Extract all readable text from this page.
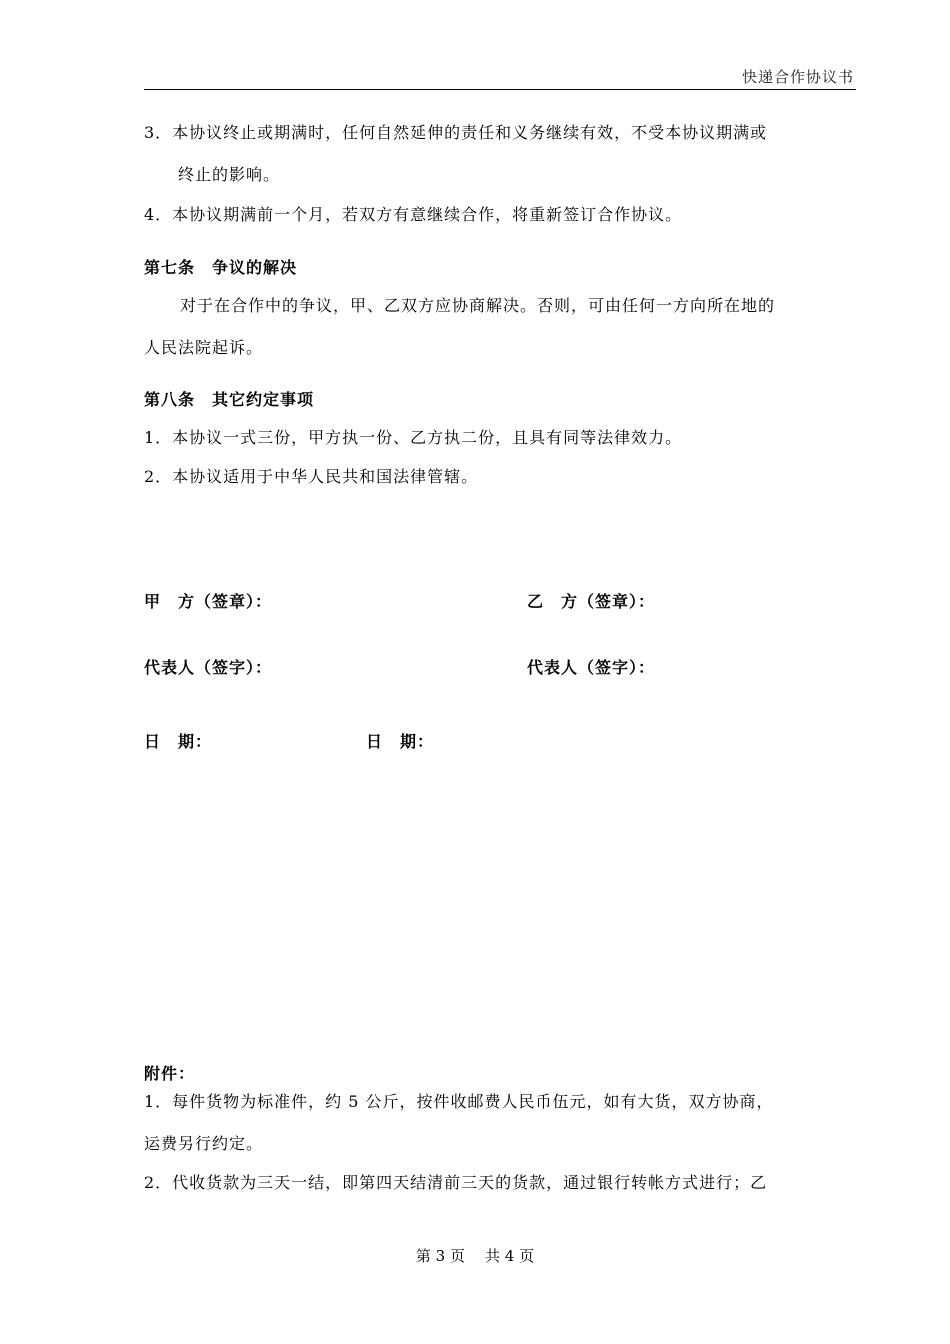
快递合作协议书
3．本协议终止或期满时，任何自然延伸的责任和义务继续有效，不受本协议期满或
终止的影响。
4．本协议期满前一个月，若双方有意继续合作，将重新签订合作协议。
第七条　争议的解决
对于在合作中的争议，甲、乙双方应协商解决。否则，可由任何一方向所在地的
人民法院起诉。
第八条　其它约定事项
1．本协议一式三份，甲方执一份、乙方执二份，且具有同等法律效力。
2．本协议适用于中华人民共和国法律管辖。
甲　方（签章）：	乙　方（签章）：
代表人（签字）：	代表人（签字）：
日　期：	日　期：
附件：
1．每件货物为标准件，约 5 公斤，按件收邮费人民币伍元，如有大货，双方协商，
运费另行约定。
2．代收货款为三天一结，即第四天结清前三天的货款，通过银行转帐方式进行；乙
第 3 页 共 4 页
